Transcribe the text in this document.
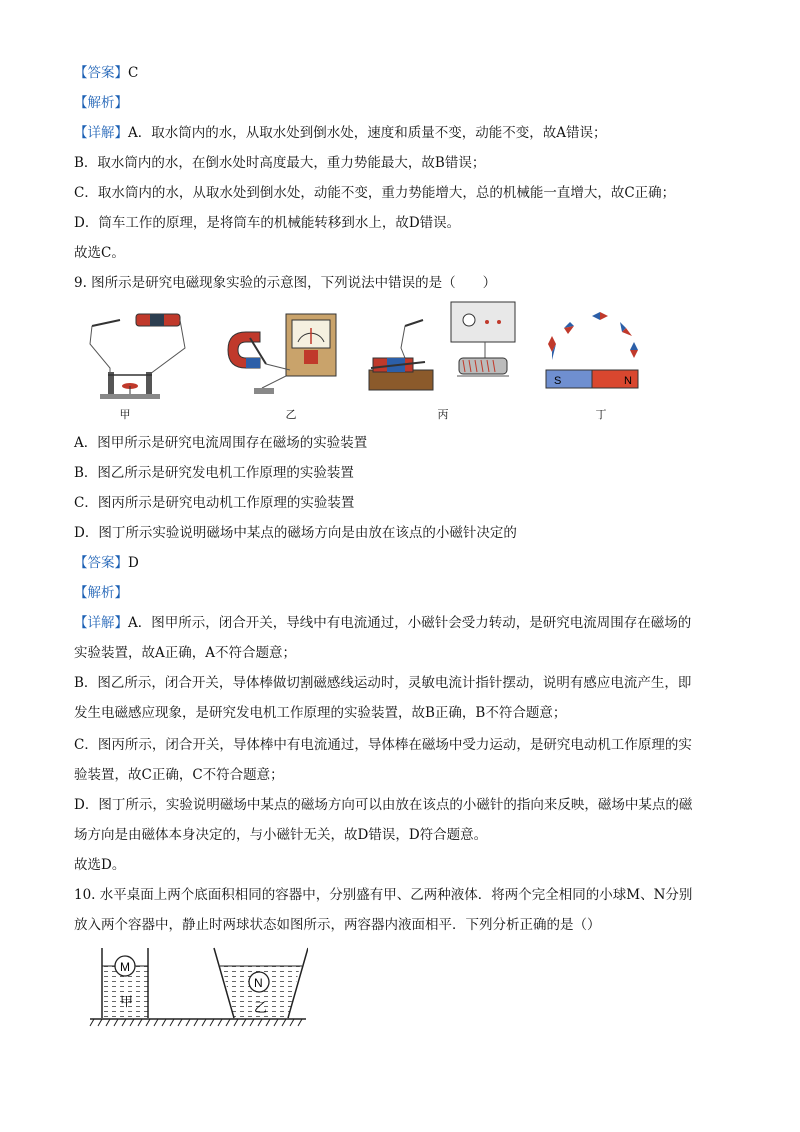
【答案】C
【解析】
【详解】A．取水筒内的水，从取水处到倒水处，速度和质量不变，动能不变，故A错误；
B．取水筒内的水，在倒水处时高度最大，重力势能最大，故B错误；
C．取水筒内的水，从取水处到倒水处，动能不变，重力势能增大，总的机械能一直增大，故C正确；
D．筒车工作的原理，是将筒车的机械能转移到水上，故D错误。
故选C。
9. 图所示是研究电磁现象实验的示意图，下列说法中错误的是（　　）
甲	乙	丙
S	N
丁
A．图甲所示是研究电流周围存在磁场的实验装置
B．图乙所示是研究发电机工作原理的实验装置
C．图丙所示是研究电动机工作原理的实验装置
D．图丁所示实验说明磁场中某点的磁场方向是由放在该点的小磁针决定的
【答案】D
【解析】
【详解】A．图甲所示，闭合开关，导线中有电流通过，小磁针会受力转动，是研究电流周围存在磁场的
实验装置，故A正确，A不符合题意；
B．图乙所示，闭合开关，导体棒做切割磁感线运动时，灵敏电流计指针摆动，说明有感应电流产生，即
发生电磁感应现象，是研究发电机工作原理的实验装置，故B正确，B不符合题意；
C．图丙所示，闭合开关，导体棒中有电流通过，导体棒在磁场中受力运动，是研究电动机工作原理的实
验装置，故C正确，C不符合题意；
D．图丁所示，实验说明磁场中某点的磁场方向可以由放在该点的小磁针的指向来反映，磁场中某点的磁
场方向是由磁体本身决定的，与小磁针无关，故D错误，D符合题意。
故选D。
10. 水平桌面上两个底面积相同的容器中，分别盛有甲、乙两种液体．将两个完全相同的小球M、N分别
放入两个容器中，静止时两球状态如图所示，两容器内液面相平．下列分析正确的是（）
M
甲
N
乙
